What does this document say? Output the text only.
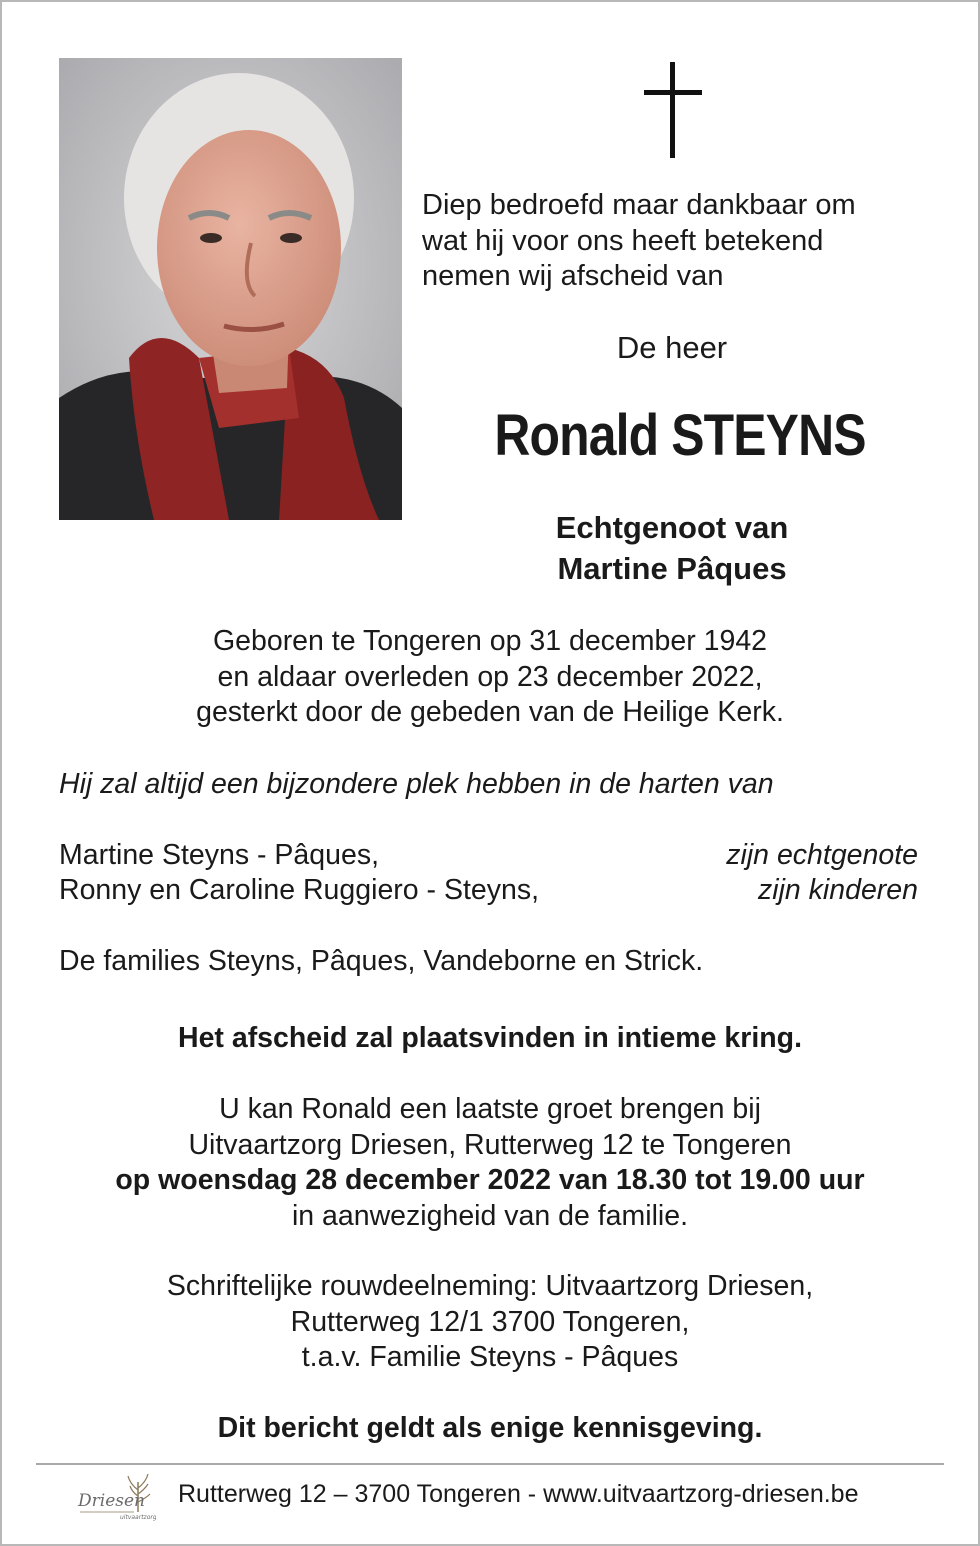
Diep bedroefd maar dankbaar om
wat hij voor ons heeft betekend
nemen wij afscheid van
De heer
Ronald STEYNS
Echtgenoot van
Martine Pâques
Geboren te Tongeren op 31 december 1942
en aldaar overleden op 23 december 2022,
gesterkt door de gebeden van de Heilige Kerk.
Hij zal altijd een bijzondere plek hebben in de harten van
Martine Steyns - Pâques,	zijn echtgenote
Ronny en Caroline Ruggiero - Steyns,	zijn kinderen
De families Steyns, Pâques, Vandeborne en Strick.
Het afscheid zal plaatsvinden in intieme kring.
U kan Ronald een laatste groet brengen bij
Uitvaartzorg Driesen, Rutterweg 12 te Tongeren
op woensdag 28 december 2022 van 18.30 tot 19.00 uur
in aanwezigheid van de familie.
Schriftelijke rouwdeelneming: Uitvaartzorg Driesen,
Rutterweg 12/1 3700 Tongeren,
t.a.v. Familie Steyns - Pâques
Dit bericht geldt als enige kennisgeving.
Driesen
uitvaartzorg
Rutterweg 12 – 3700 Tongeren - www.uitvaartzorg-driesen.be
